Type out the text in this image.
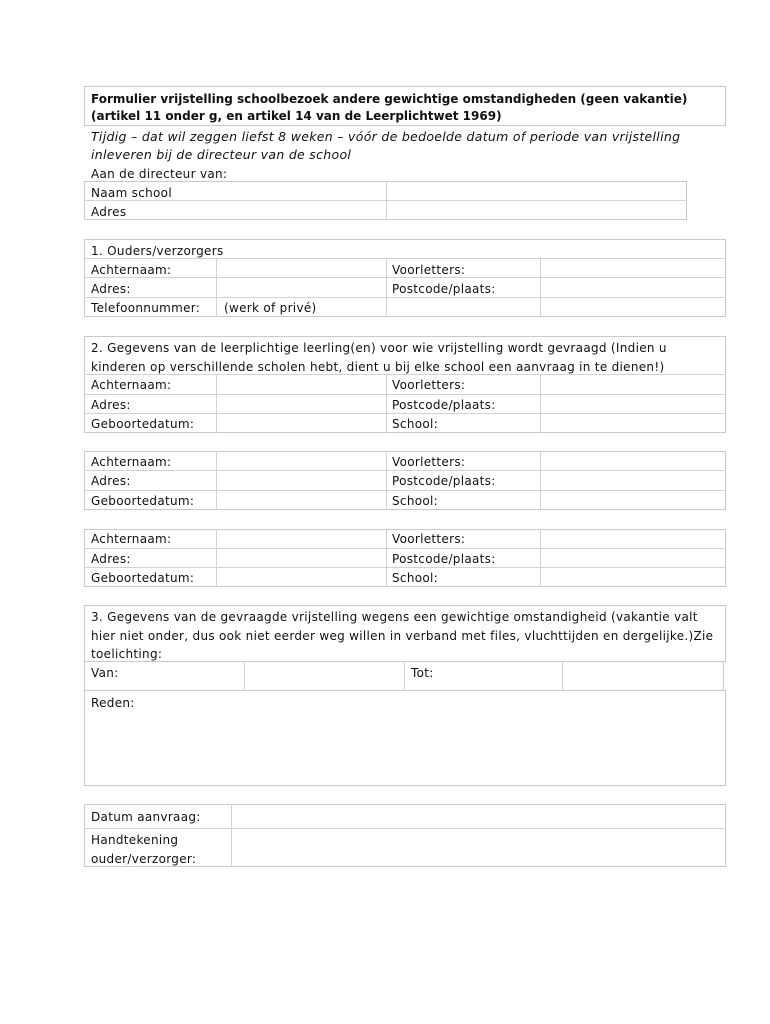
Formulier vrijstelling schoolbezoek andere gewichtige omstandigheden (geen vakantie)
(artikel 11 onder g, en artikel 14 van de Leerplichtwet 1969)
Tijdig – dat wil zeggen liefst 8 weken – vóór de bedoelde datum of periode van vrijstelling
inleveren bij de directeur van de school
Aan de directeur van:
Naam school
Adres
1. Ouders/verzorgers
Achternaam:	Voorletters:
Adres:	Postcode/plaats:
Telefoonnummer: (werk of privé)
2. Gegevens van de leerplichtige leerling(en) voor wie vrijstelling wordt gevraagd (Indien u
kinderen op verschillende scholen hebt, dient u bij elke school een aanvraag in te dienen!)
Achternaam:	Voorletters:
Adres:	Postcode/plaats:
Geboortedatum:	School:
Achternaam:	Voorletters:
Adres:	Postcode/plaats:
Geboortedatum:	School:
Achternaam:	Voorletters:
Adres:	Postcode/plaats:
Geboortedatum:	School:
3. Gegevens van de gevraagde vrijstelling wegens een gewichtige omstandigheid (vakantie valt
hier niet onder, dus ook niet eerder weg willen in verband met files, vluchttijden en dergelijke.)Zie
toelichting:
Van:	Tot:
Reden:
Datum aanvraag:
Handtekening
ouder/verzorger:
